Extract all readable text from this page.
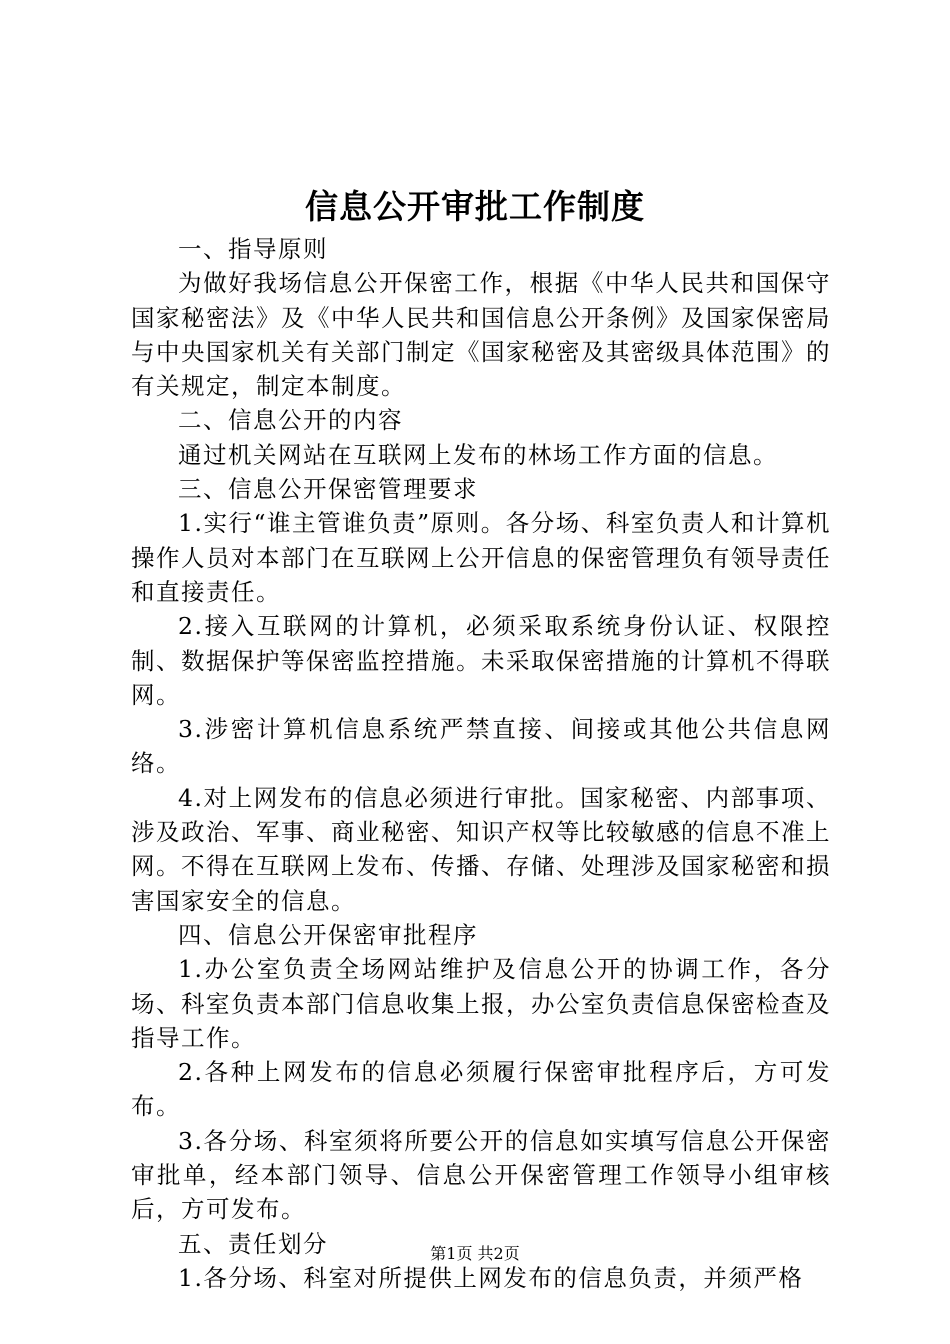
信息公开审批工作制度

一、指导原则

为做好我场信息公开保密工作，根据《中华人民共和国保守国家秘密法》及《中华人民共和国信息公开条例》及国家保密局与中央国家机关有关部门制定《国家秘密及其密级具体范围》的有关规定，制定本制度。

二、信息公开的内容

通过机关网站在互联网上发布的林场工作方面的信息。

三、信息公开保密管理要求

1.实行“谁主管谁负责”原则。各分场、科室负责人和计算机操作人员对本部门在互联网上公开信息的保密管理负有领导责任和直接责任。

2.接入互联网的计算机，必须采取系统身份认证、权限控制、数据保护等保密监控措施。未采取保密措施的计算机不得联网。

3.涉密计算机信息系统严禁直接、间接或其他公共信息网络。

4.对上网发布的信息必须进行审批。国家秘密、内部事项、涉及政治、军事、商业秘密、知识产权等比较敏感的信息不准上网。不得在互联网上发布、传播、存储、处理涉及国家秘密和损害国家安全的信息。

四、信息公开保密审批程序

1.办公室负责全场网站维护及信息公开的协调工作，各分场、科室负责本部门信息收集上报，办公室负责信息保密检查及指导工作。

2.各种上网发布的信息必须履行保密审批程序后，方可发布。

3.各分场、科室须将所要公开的信息如实填写信息公开保密审批单，经本部门领导、信息公开保密管理工作领导小组审核后，方可发布。

五、责任划分

1.各分场、科室对所提供上网发布的信息负责，并须严格

第1页 共2页
